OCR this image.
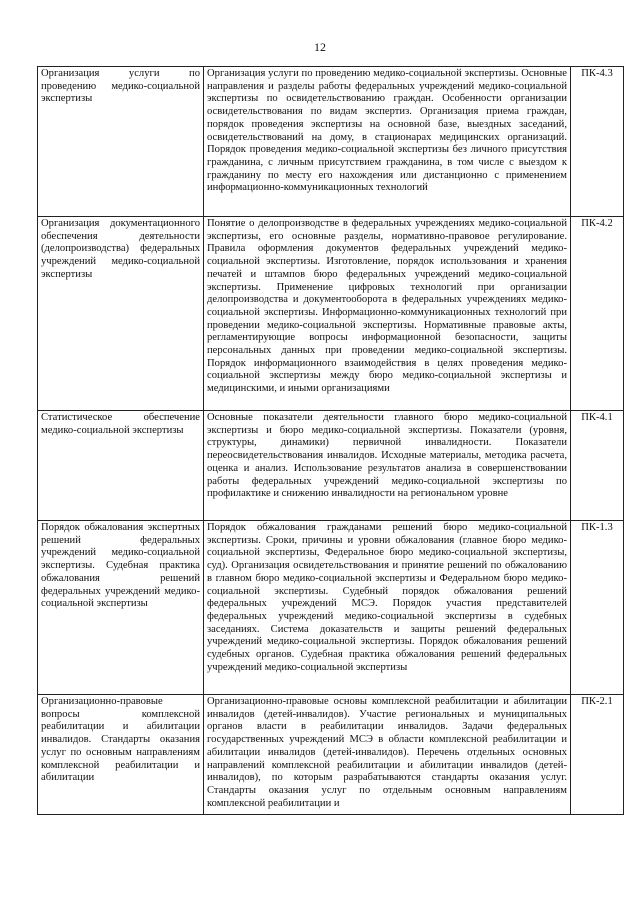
12
Организация услуги по проведению медико-социальной экспертизы	Организация услуги по проведению медико-социальной экспертизы. Основные направления и разделы работы федеральных учреждений медико-социальной экспертизы по освидетельствованию граждан. Особенности организации освидетельствования по видам экспертиз. Организация приема граждан, порядок проведения экспертизы на основной базе, выездных заседаний, освидетельствований на дому, в стационарах медицинских организаций. Порядок проведения медико-социальной экспертизы без личного присутствия гражданина, с личным присутствием гражданина, в том числе с выездом к гражданину по месту его нахождения или дистанционно с применением информационно-коммуникационных технологий	ПК-4.3
Организация документационного обеспечения деятельности (делопроизводства) федеральных учреждений медико-социальной экспертизы	Понятие о делопроизводстве в федеральных учреждениях медико-социальной экспертизы, его основные разделы, нормативно-правовое регулирование. Правила оформления документов федеральных учреждений медико-социальной экспертизы. Изготовление, порядок использования и хранения печатей и штампов бюро федеральных учреждений медико-социальной экспертизы. Применение цифровых технологий при организации делопроизводства и документооборота в федеральных учреждениях медико-социальной экспертизы. Информационно-коммуникационных технологий при проведении медико-социальной экспертизы. Нормативные правовые акты, регламентирующие вопросы информационной безопасности, защиты персональных данных при проведении медико-социальной экспертизы. Порядок информационного взаимодействия в целях проведения медико-социальной экспертизы между бюро медико-социальной экспертизы и медицинскими, и иными организациями	ПК-4.2
Статистическое обеспечение медико-социальной экспертизы	Основные показатели деятельности главного бюро медико-социальной экспертизы и бюро медико-социальной экспертизы. Показатели (уровня, структуры, динамики) первичной инвалидности. Показатели переосвидетельствования инвалидов. Исходные материалы, методика расчета, оценка и анализ. Использование результатов анализа в совершенствовании работы федеральных учреждений медико-социальной экспертизы по профилактике и снижению инвалидности на региональном уровне	ПК-4.1
Порядок обжалования экспертных решений федеральных учреждений медико-социальной экспертизы. Судебная практика обжалования решений федеральных учреждений медико-социальной экспертизы	Порядок обжалования гражданами решений бюро медико-социальной экспертизы. Сроки, причины и уровни обжалования (главное бюро медико-социальной экспертизы, Федеральное бюро медико-социальной экспертизы, суд). Организация освидетельствования и принятие решений по обжалованию в главном бюро медико-социальной экспертизы и Федеральном бюро медико-социальной экспертизы. Судебный порядок обжалования решений федеральных учреждений МСЭ. Порядок участия представителей федеральных учреждений медико-социальной экспертизы в судебных заседаниях. Система доказательств и защиты решений федеральных учреждений медико-социальной экспертизы. Порядок обжалования решений судебных органов. Судебная практика обжалования решений федеральных учреждений медико-социальной экспертизы	ПК-1.3
Организационно-правовые вопросы комплексной реабилитации и абилитации инвалидов. Стандарты оказания услуг по основным направлениям комплексной реабилитации и абилитации	Организационно-правовые основы комплексной реабилитации и абилитации инвалидов (детей-инвалидов). Участие региональных и муниципальных органов власти в реабилитации инвалидов. Задачи федеральных государственных учреждений МСЭ в области комплексной реабилитации и абилитации инвалидов (детей-инвалидов). Перечень отдельных основных направлений комплексной реабилитации и абилитации инвалидов (детей-инвалидов), по которым разрабатываются стандарты оказания услуг. Стандарты оказания услуг по отдельным основным направлениям комплексной реабилитации и	ПК-2.1
